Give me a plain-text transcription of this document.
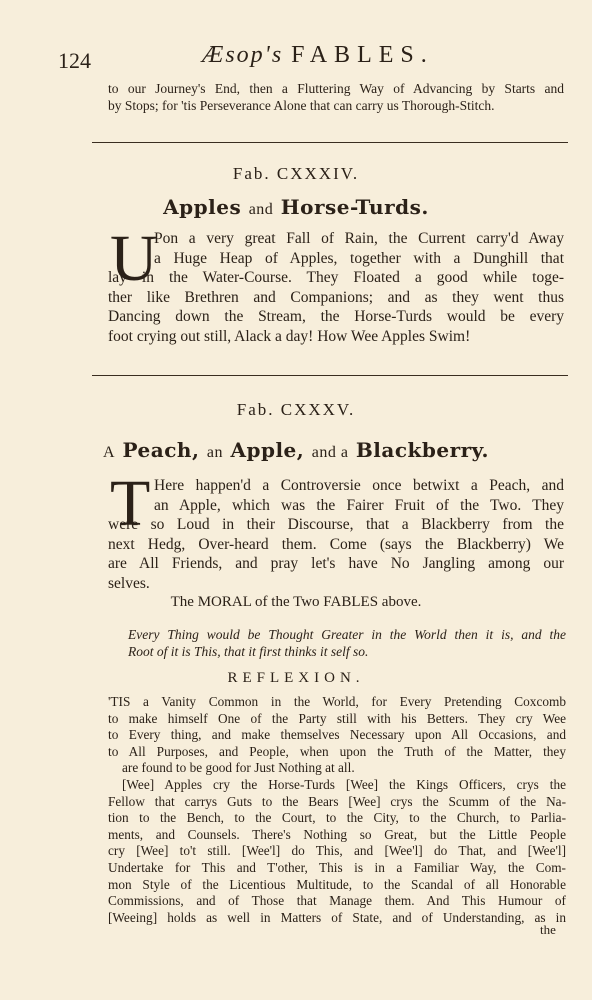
124	Æsop's FABLES.
to our Journey's End, then a Fluttering Way of Advancing by Starts and
by Stops; for 'tis Perseverance Alone that can carry us Thorough-Stitch.
Fab. CXXXIV.
Apples and Horse-Turds.
U
Pon a very great Fall of Rain, the Current carry'd Away
a Huge Heap of Apples, together with a Dunghill that
lay in the Water-Course. They Floated a good while toge-
ther like Brethren and Companions; and as they went thus
Dancing down the Stream, the Horse-Turds would be every
foot crying out still, Alack a day! How Wee Apples Swim!
Fab. CXXXV.
A Peach, an Apple, and a Blackberry.
T Here happen'd a Controversie once betwixt a Peach, and
an Apple, which was the Fairer Fruit of the Two. They
were so Loud in their Discourse, that a Blackberry from the
next Hedg, Over-heard them. Come (says the Blackberry) We
are All Friends, and pray let's have No Jangling among our
selves.
The MORAL of the Two FABLES above.
Every Thing would be Thought Greater in the World then it is, and the
Root of it is This, that it first thinks it self so.
REFLEXION.
'TIS a Vanity Common in the World, for Every Pretending Coxcomb
to make himself One of the Party still with his Betters. They cry Wee
to Every thing, and make themselves Necessary upon All Occasions, and
to All Purposes, and People, when upon the Truth of the Matter, they
are found to be good for Just Nothing at all.
[Wee] Apples cry the Horse-Turds [Wee] the Kings Officers, crys the
Fellow that carrys Guts to the Bears [Wee] crys the Scumm of the Na-
tion to the Bench, to the Court, to the City, to the Church, to Parlia-
ments, and Counsels. There's Nothing so Great, but the Little People
cry [Wee] to't still. [Wee'l] do This, and [Wee'l] do That, and [Wee'l]
Undertake for This and T'other, This is in a Familiar Way, the Com-
mon Style of the Licentious Multitude, to the Scandal of all Honorable
Commissions, and of Those that Manage them. And This Humour of
[Weeing] holds as well in Matters of State, and of Understanding, as in
the
